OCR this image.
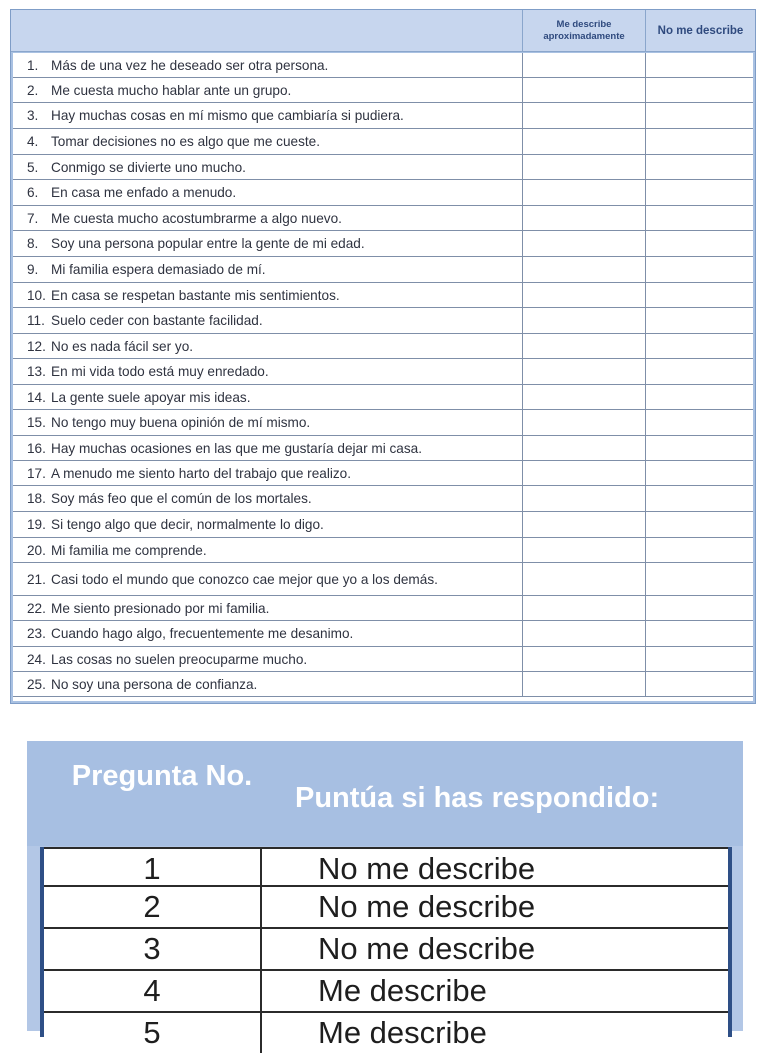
Me describe aproximadamente	No me describe
1. Más de una vez he deseado ser otra persona.
2. Me cuesta mucho hablar ante un grupo.
3. Hay muchas cosas en mí mismo que cambiaría si pudiera.
4. Tomar decisiones no es algo que me cueste.
5. Conmigo se divierte uno mucho.
6. En casa me enfado a menudo.
7. Me cuesta mucho acostumbrarme a algo nuevo.
8. Soy una persona popular entre la gente de mi edad.
9. Mi familia espera demasiado de mí.
10. En casa se respetan bastante mis sentimientos.
11. Suelo ceder con bastante facilidad.
12. No es nada fácil ser yo.
13. En mi vida todo está muy enredado.
14. La gente suele apoyar mis ideas.
15. No tengo muy buena opinión de mí mismo.
16. Hay muchas ocasiones en las que me gustaría dejar mi casa.
17. A menudo me siento harto del trabajo que realizo.
18. Soy más feo que el común de los mortales.
19. Si tengo algo que decir, normalmente lo digo.
20. Mi familia me comprende.
21. Casi todo el mundo que conozco cae mejor que yo a los demás.
22. Me siento presionado por mi familia.
23. Cuando hago algo, frecuentemente me desanimo.
24. Las cosas no suelen preocuparme mucho.
25. No soy una persona de confianza.
Pregunta No.
Puntúa si has respondido:
1	No me describe
2	No me describe
3	No me describe
4	Me describe
5	Me describe
